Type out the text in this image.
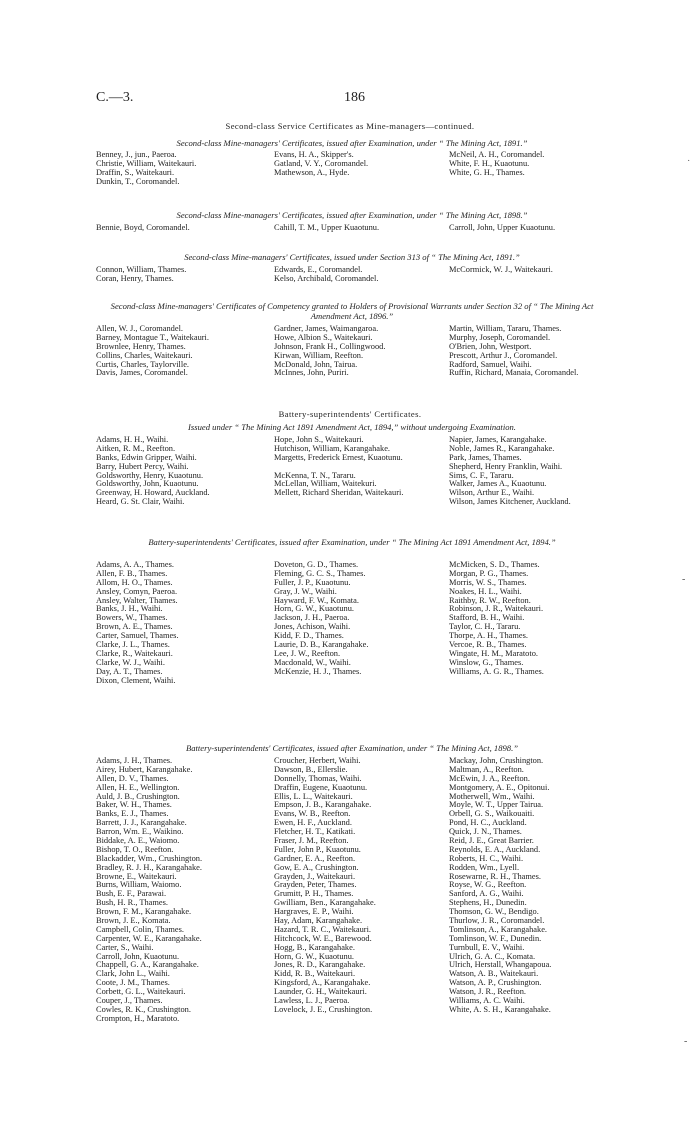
C.—3.	186
Second-class Service Certificates as Mine-managers—continued.
Second-class Mine-managers' Certificates, issued after Examination, under “ The Mining Act, 1891.”
Benney, J., jun., Paeroa.
Christie, William, Waitekauri.
Draffin, S., Waitekauri.
Dunkin, T., Coromandel.
Evans, H. A., Skipper's.
Gatland, V. Y., Coromandel.
Mathewson, A., Hyde.
McNeil, A. H., Coromandel.
White, F. H., Kuaotunu.
White, G. H., Thames.
Second-class Mine-managers' Certificates, issued after Examination, under “ The Mining Act, 1898.”
Bennie, Boyd, Coromandel.	Cahill, T. M., Upper Kuaotunu.	Carroll, John, Upper Kuaotunu.
Second-class Mine-managers' Certificates, issued under Section 313 of “ The Mining Act, 1891.”
Connon, William, Thames.
Coran, Henry, Thames.
Edwards, E., Coromandel.
Kelso, Archibald, Coromandel.
McCormick, W. J., Waitekauri.
Second-class Mine-managers' Certificates of Competency granted to Holders of Provisional Warrants under Section 32 of “ The Mining Act Amendment Act, 1896.”
Allen, W. J., Coromandel.
Barney, Montague T., Waitekauri.
Brownlee, Henry, Thames.
Collins, Charles, Waitekauri.
Curtis, Charles, Taylorville.
Davis, James, Coromandel.
Gardner, James, Waimangaroa.
Howe, Albion S., Waitekauri.
Johnson, Frank H., Collingwood.
Kirwan, William, Reefton.
McDonald, John, Tairua.
McInnes, John, Puriri.
Martin, William, Tararu, Thames.
Murphy, Joseph, Coromandel.
O'Brien, John, Westport.
Prescott, Arthur J., Coromandel.
Radford, Samuel, Waihi.
Ruffin, Richard, Manaia, Coromandel.
Battery-superintendents' Certificates.
Issued under “ The Mining Act 1891 Amendment Act, 1894,” without undergoing Examination.
Adams, H. H., Waihi.
Aitken, R. M., Reefton.
Banks, Edwin Gripper, Waihi.
Barry, Hubert Percy, Waihi.
Goldsworthy, Henry, Kuaotunu.
Goldsworthy, John, Kuaotunu.
Greenway, H. Howard, Auckland.
Heard, G. St. Clair, Waihi.
Hope, John S., Waitekauri.
Hutchison, William, Karangahake.
Margetts, Frederick Ernest, Kuaotunu.
McKenna, T. N., Tararu.
McLellan, William, Waitekuri.
Mellett, Richard Sheridan, Waitekauri.
Napier, James, Karangahake.
Noble, James R., Karangahake.
Park, James, Thames.
Shepherd, Henry Franklin, Waihi.
Sims, C. F., Tararu.
Walker, James A., Kuaotunu.
Wilson, Arthur E., Waihi.
Wilson, James Kitchener, Auckland.
Battery-superintendents' Certificates, issued after Examination, under “ The Mining Act 1891 Amendment Act, 1894.”
Adams, A. A., Thames.
Allen, F. B., Thames.
Allom, H. O., Thames.
Ansley, Comyn, Paeroa.
Ansley, Walter, Thames.
Banks, J. H., Waihi.
Bowers, W., Thames.
Brown, A. E., Thames.
Carter, Samuel, Thames.
Clarke, J. L., Thames.
Clarke, R., Waitekauri.
Clarke, W. J., Waihi.
Day, A. T., Thames.
Dixon, Clement, Waihi.
Doveton, G. D., Thames.
Fleming, G. C. S., Thames.
Fuller, J. P., Kuaotunu.
Gray, J. W., Waihi.
Hayward, F. W., Komata.
Horn, G. W., Kuaotunu.
Jackson, J. H., Paeroa.
Jones, Achison, Waihi.
Kidd, F. D., Thames.
Laurie, D. B., Karangahake.
Lee, J. W., Reefton.
Macdonald, W., Waihi.
McKenzie, H. J., Thames.
McMicken, S. D., Thames.
Morgan, P. G., Thames.
Morris, W. S., Thames.
Noakes, H. L., Waihi.
Raithby, R. W., Reefton.
Robinson, J. R., Waitekauri.
Stafford, B. H., Waihi.
Taylor, C. H., Tararu.
Thorpe, A. H., Thames.
Vercoe, R. B., Thames.
Wingate, H. M., Maratoto.
Winslow, G., Thames.
Williams, A. G. R., Thames.
Battery-superintendents' Certificates, issued after Examination, under “ The Mining Act, 1898.”
Adams, J. H., Thames.
Airey, Hubert, Karangahake.
Allen, D. V., Thames.
Allen, H. E., Wellington.
Auld, J. B., Crushington.
Baker, W. H., Thames.
Banks, E. J., Thames.
Barrett, J. J., Karangahake.
Barron, Wm. E., Waikino.
Biddake, A. E., Waiomo.
Bishop, T. O., Reefton.
Blackadder, Wm., Crushington.
Bradley, R. J. H., Karangahake.
Browne, E., Waitekauri.
Burns, William, Waiomo.
Bush, E. F., Parawai.
Bush, H. R., Thames.
Brown, F. M., Karangahake.
Brown, J. E., Komata.
Campbell, Colin, Thames.
Carpenter, W. E., Karangahake.
Carter, S., Waihi.
Carroll, John, Kuaotunu.
Chappell, G. A., Karangahake.
Clark, John L., Waihi.
Coote, J. M., Thames.
Corbett, G. L., Waitekauri.
Couper, J., Thames.
Cowles, R. K., Crushington.
Crompton, H., Maratoto.
Croucher, Herbert, Waihi.
Dawson, B., Ellerslie.
Donnelly, Thomas, Waihi.
Draffin, Eugene, Kuaotunu.
Ellis, L. L., Waitekauri.
Empson, J. B., Karangahake.
Evans, W. B., Reefton.
Ewen, H. F., Auckland.
Fletcher, H. T., Katikati.
Fraser, J. M., Reefton.
Fuller, John P., Kuaotunu.
Gardner, E. A., Reefton.
Gow, E. A., Crushington.
Grayden, J., Waitekauri.
Grayden, Peter, Thames.
Grumitt, P. H., Thames.
Gwilliam, Ben., Karangahake.
Hargraves, E. P., Waihi.
Hay, Adam, Karangahake.
Hazard, T. R. C., Waitekauri.
Hitchcock, W. E., Barewood.
Hogg, B., Karangahake.
Horn, G. W., Kuaotunu.
Jones, R. D., Karangahake.
Kidd, R. B., Waitekauri.
Kingsford, A., Karangahake.
Launder, G. H., Waitekauri.
Lawless, L. J., Paeroa.
Lovelock, J. E., Crushington.
Mackay, John, Crushington.
Maltman, A., Reefton.
McEwin, J. A., Reefton.
Montgomery, A. E., Opitonui.
Motherwell, Wm., Waihi.
Moyle, W. T., Upper Tairua.
Orbell, G. S., Waikouaiti.
Pond, H. C., Auckland.
Quick, J. N., Thames.
Reid, J. E., Great Barrier.
Reynolds, E. A., Auckland.
Roberts, H. C., Waihi.
Rodden, Wm., Lyell.
Rosewarne, R. H., Thames.
Royse, W. G., Reefton.
Sanford, A. G., Waihi.
Stephens, H., Dunedin.
Thomson, G. W., Bendigo.
Thurlow, J. R., Coromandel.
Tomlinson, A., Karangahake.
Tomlinson, W. F., Dunedin.
Turnbull, E. V., Waihi.
Ulrich, G. A. C., Komata.
Ulrich, Herstall, Whangapoua.
Watson, A. B., Waitekauri.
Watson, A. P., Crushington.
Watson, J. R., Reefton.
Williams, A. C. Waihi.
White, A. S. H., Karangahake.
˙
-
-
